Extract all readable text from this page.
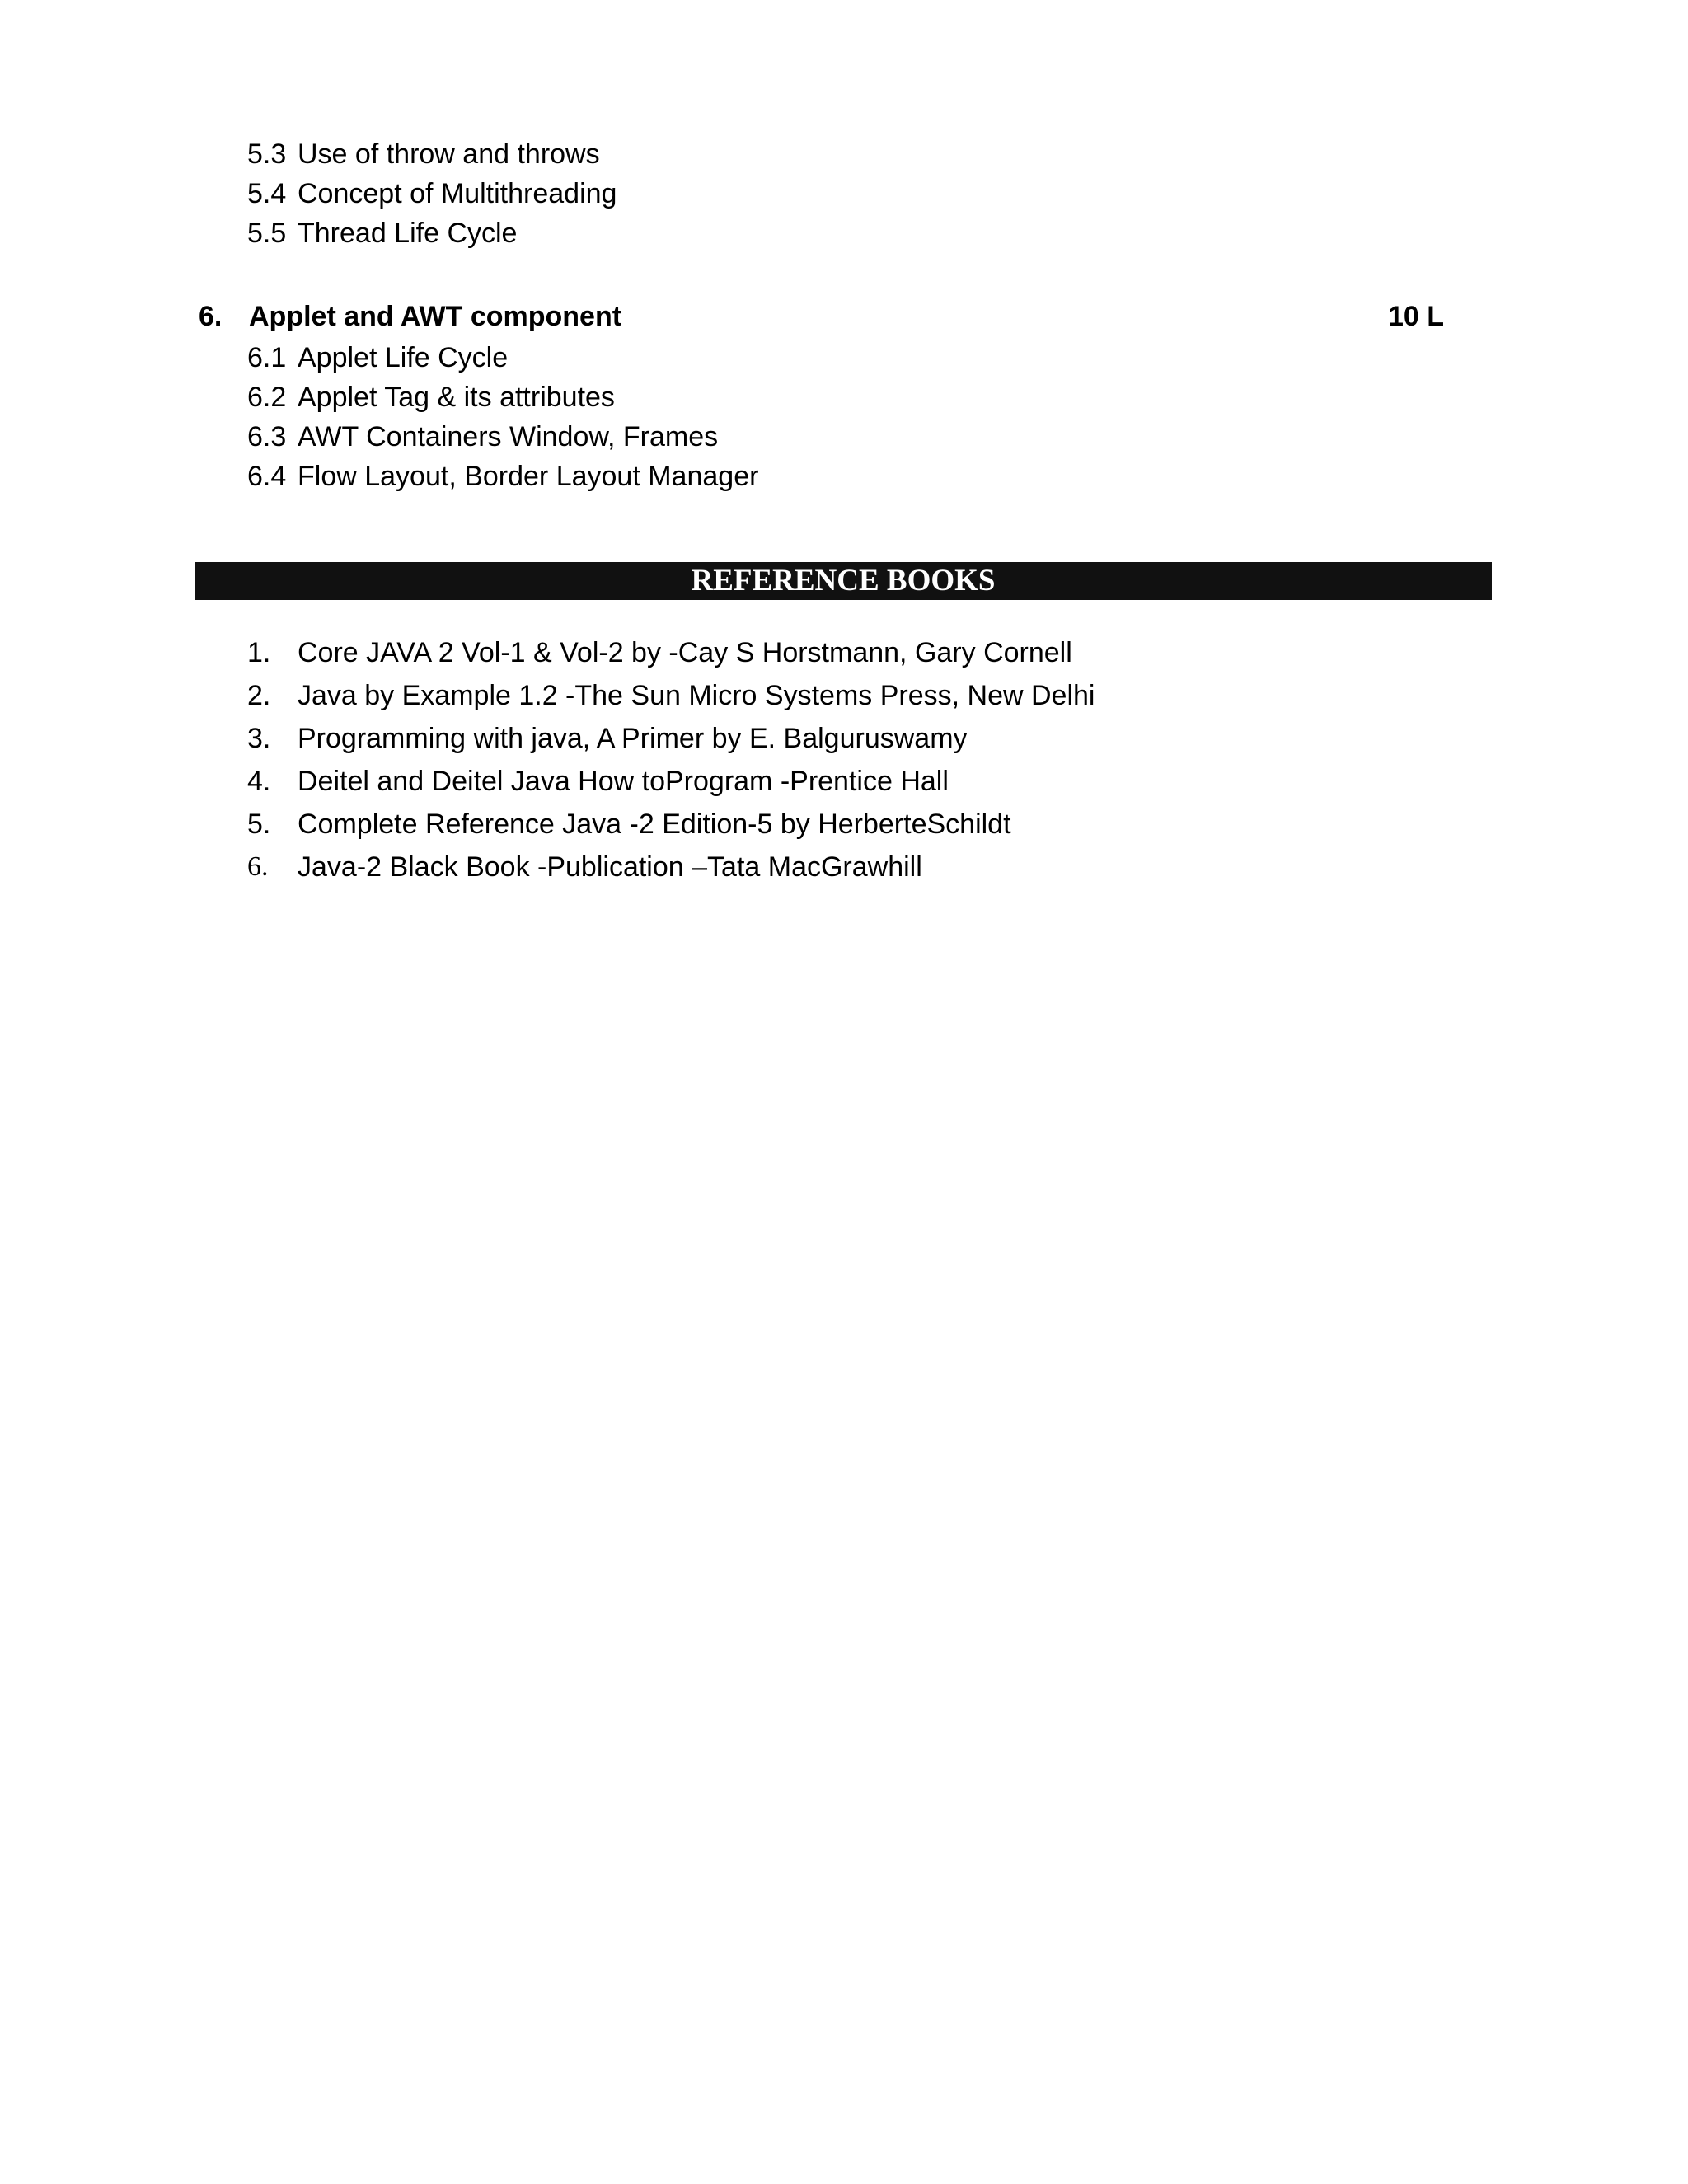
5.3 Use of throw and throws
5.4 Concept of Multithreading
5.5 Thread Life Cycle
6. Applet and AWT component	10 L
6.1 Applet Life Cycle
6.2 Applet Tag & its attributes
6.3 AWT Containers Window, Frames
6.4 Flow Layout, Border Layout Manager
REFERENCE BOOKS
1. Core JAVA 2 Vol-1 & Vol-2 by -Cay S Horstmann, Gary Cornell
2. Java by Example 1.2 -The Sun Micro Systems Press, New Delhi
3. Programming with java, A Primer by E. Balguruswamy
4. Deitel and Deitel Java How toProgram -Prentice Hall
5. Complete Reference Java -2 Edition-5 by HerberteSchildt
6. Java-2 Black Book -Publication –Tata MacGrawhill
